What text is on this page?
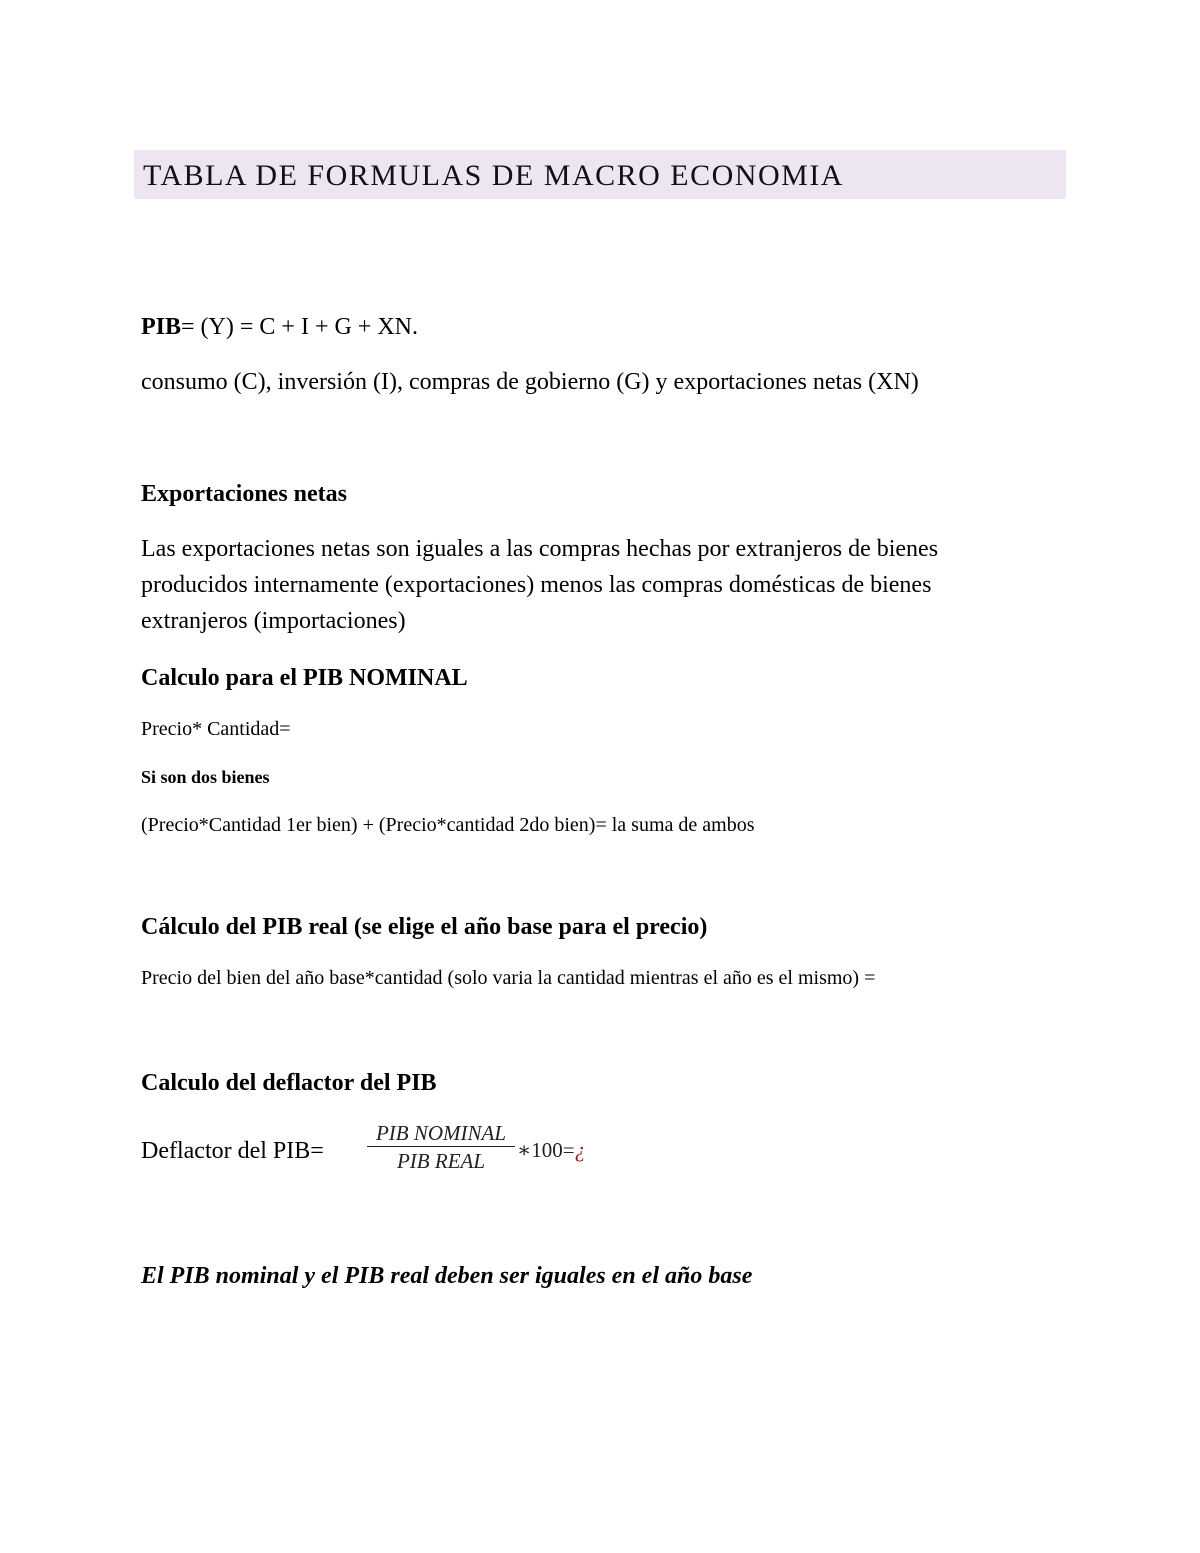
TABLA DE FORMULAS DE MACRO ECONOMIA
PIB= (Y) = C + I + G + XN.
consumo (C), inversión (I), compras de gobierno (G) y exportaciones netas (XN)
Exportaciones netas
Las exportaciones netas son iguales a las compras hechas por extranjeros de bienes
producidos internamente (exportaciones) menos las compras domésticas de bienes
extranjeros (importaciones)
Calculo para el PIB NOMINAL
Precio* Cantidad=
Si son dos bienes
(Precio*Cantidad 1er bien) + (Precio*cantidad 2do bien)= la suma de ambos
Cálculo del PIB real (se elige el año base para el precio)
Precio del bien del año base*cantidad (solo varia la cantidad mientras el año es el mismo) =
Calculo del deflactor del PIB
Deflactor del PIB=
PIB NOMINAL
PIB REAL	∗100=¿
El PIB nominal y el PIB real deben ser iguales en el año base
